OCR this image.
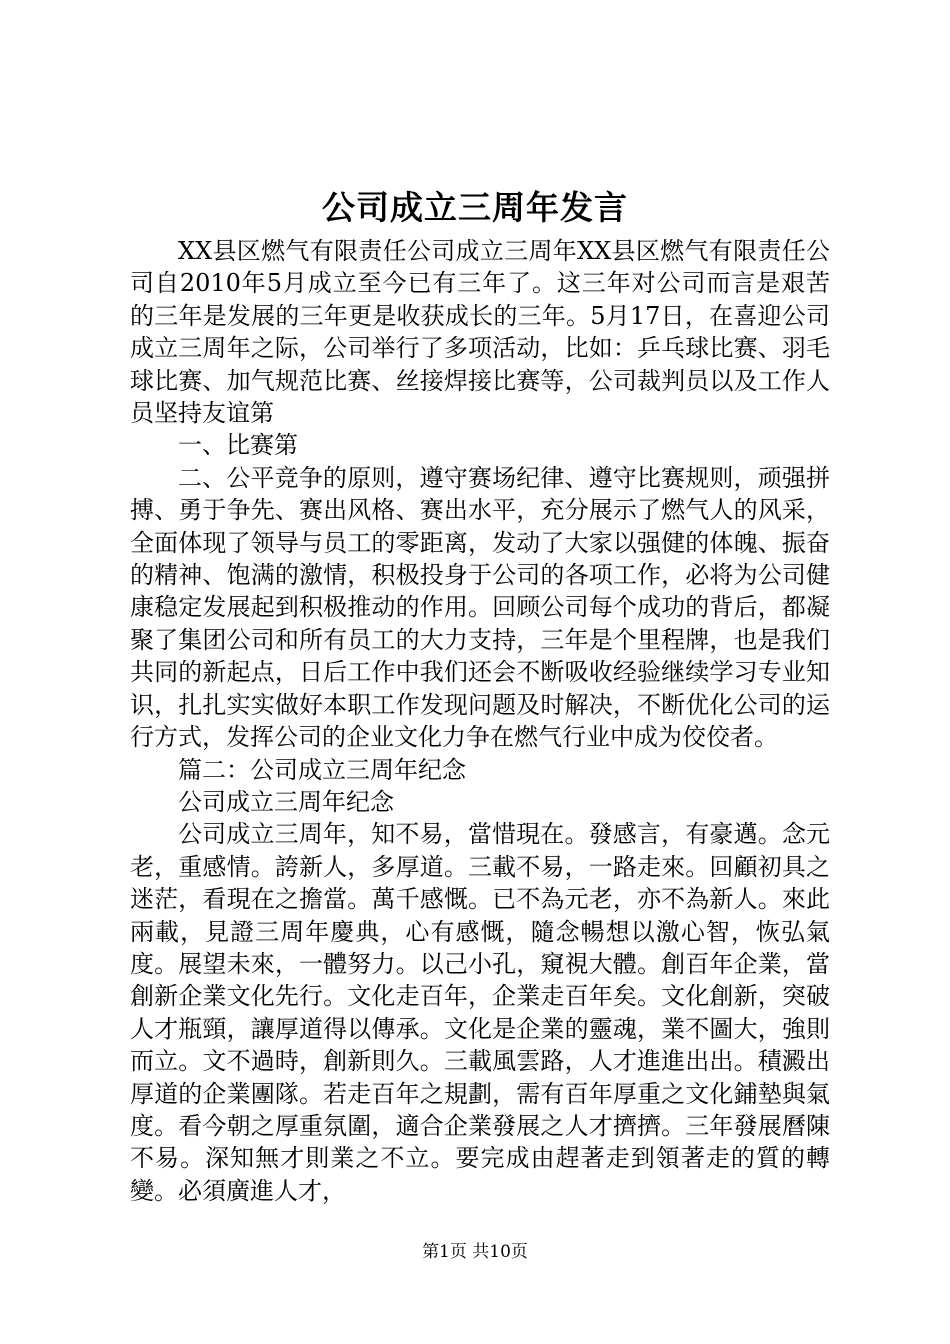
公司成立三周年发言

XX县区燃气有限责任公司成立三周年XX县区燃气有限责任公司自2010年5月成立至今已有三年了。这三年对公司而言是艰苦的三年是发展的三年更是收获成长的三年。5月17日，在喜迎公司成立三周年之际，公司举行了多项活动，比如：乒乓球比赛、羽毛球比赛、加气规范比赛、丝接焊接比赛等，公司裁判员以及工作人员坚持友谊第

一、比赛第

二、公平竞争的原则，遵守赛场纪律、遵守比赛规则，顽强拼搏、勇于争先、赛出风格、赛出水平，充分展示了燃气人的风采，全面体现了领导与员工的零距离，发动了大家以强健的体魄、振奋的精神、饱满的激情，积极投身于公司的各项工作，必将为公司健康稳定发展起到积极推动的作用。回顾公司每个成功的背后，都凝聚了集团公司和所有员工的大力支持，三年是个里程牌，也是我们共同的新起点，日后工作中我们还会不断吸收经验继续学习专业知识，扎扎实实做好本职工作发现问题及时解决，不断优化公司的运行方式，发挥公司的企业文化力争在燃气行业中成为佼佼者。

篇二：公司成立三周年纪念

公司成立三周年纪念

公司成立三周年，知不易，當惜現在。發感言，有豪邁。念元老，重感情。誇新人，多厚道。三載不易，一路走來。回顧初具之迷茫，看現在之擔當。萬千感慨。已不為元老，亦不為新人。來此兩載，見證三周年慶典，心有感慨，隨念暢想以激心智，恢弘氣度。展望未來，一體努力。以己小孔，窺視大體。創百年企業，當創新企業文化先行。文化走百年，企業走百年矣。文化創新，突破人才瓶頸，讓厚道得以傳承。文化是企業的靈魂，業不圖大，強則而立。文不過時，創新則久。三載風雲路，人才進進出出。積澱出厚道的企業團隊。若走百年之規劃，需有百年厚重之文化鋪墊與氣度。看今朝之厚重氛圍，適合企業發展之人才擠擠。三年發展曆陳不易。深知無才則業之不立。要完成由趕著走到領著走的質的轉變。必須廣進人才，

第1页 共10页
